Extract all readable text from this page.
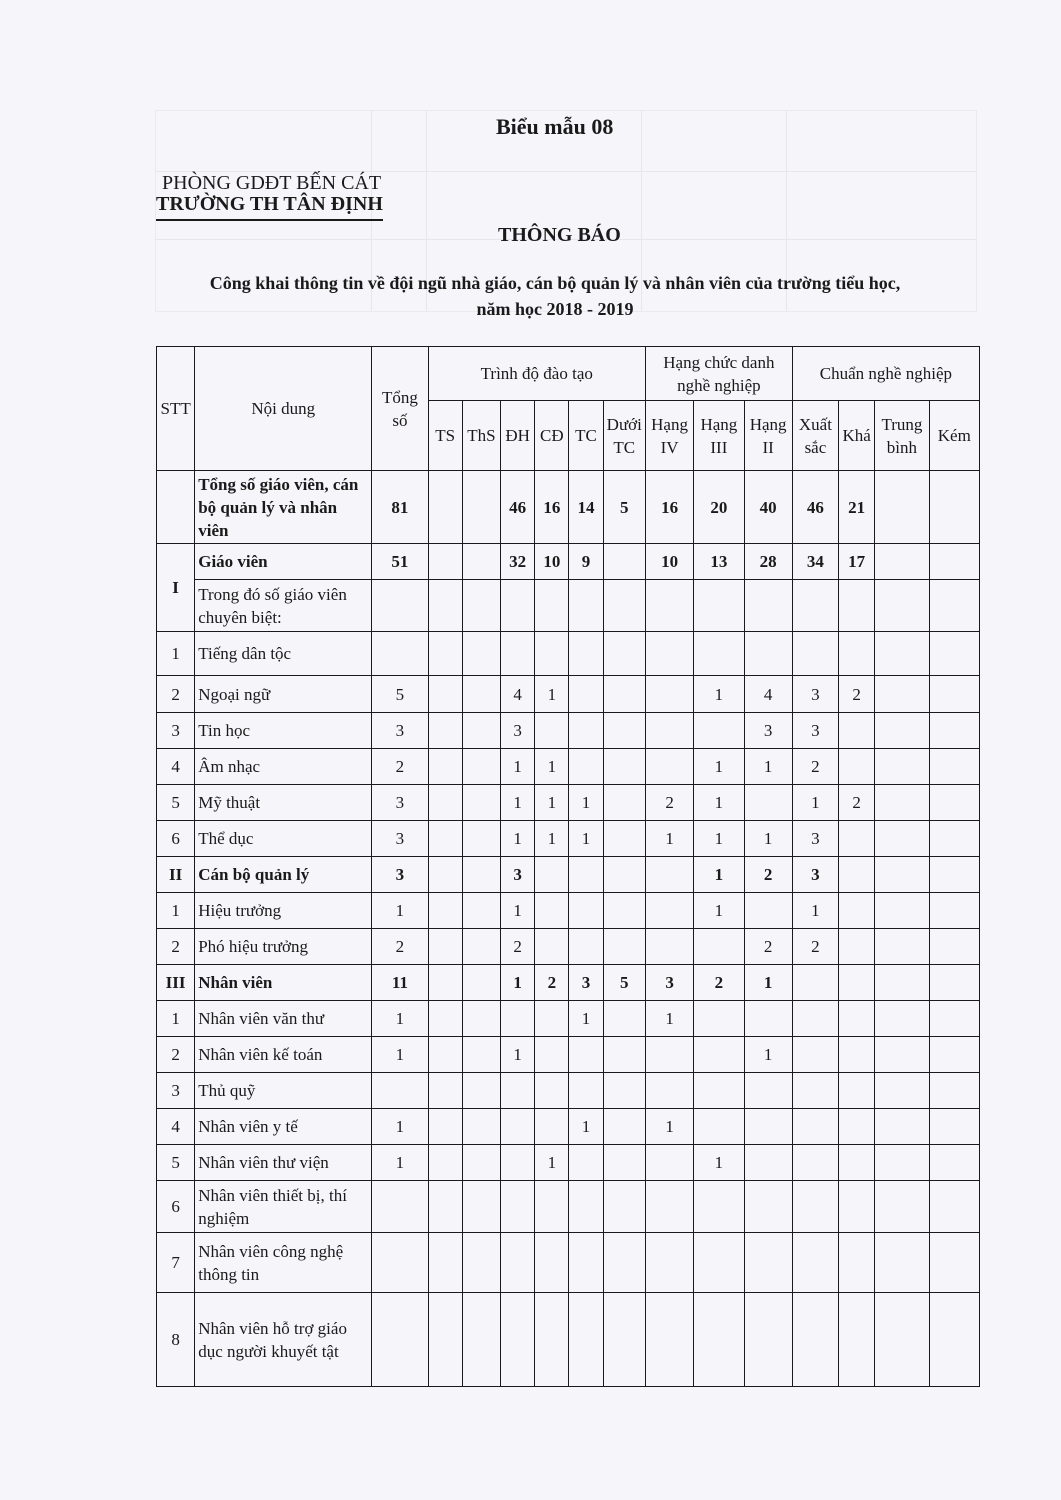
Biểu mẫu 08
PHÒNG GDĐT BẾN CÁT
TRƯỜNG TH TÂN ĐỊNH
THÔNG BÁO
Công khai thông tin về đội ngũ nhà giáo, cán bộ quản lý và nhân viên của trường tiểu học,
năm học 2018 - 2019
STT	Nội dung	Tổng số	Trình độ đào tạo						Hạng chức danh nghề nghiệp			Chuẩn nghề nghiệp			
			TS	ThS	ĐH	CĐ	TC	Dưới TC	Hạng IV	Hạng III	Hạng II	Xuất sắc	Khá	Trung bình	Kém
	Tổng số giáo viên, cán bộ quản lý và nhân viên	81			46	16	14	5	16	20	40	46	21		
I	Giáo viên	51			32	10	9		10	13	28	34	17		
	Trong đó số giáo viên chuyên biệt:														
1	Tiếng dân tộc														
2	Ngoại ngữ	5			4	1				1	4	3	2		
3	Tin học	3			3						3	3			
4	Âm nhạc	2			1	1				1	1	2			
5	Mỹ thuật	3			1	1	1		2	1		1	2		
6	Thể dục	3			1	1	1		1	1	1	3			
II	Cán bộ quản lý	3			3					1	2	3			
1	Hiệu trưởng	1			1					1		1			
2	Phó hiệu trưởng	2			2						2	2			
III	Nhân viên	11			1	2	3	5	3	2	1				
1	Nhân viên văn thư	1					1		1						
2	Nhân viên kế toán	1			1						1				
3	Thủ quỹ														
4	Nhân viên y tế	1					1		1						
5	Nhân viên thư viện	1				1				1					
6	Nhân viên thiết bị, thí nghiệm														
7	Nhân viên công nghệ thông tin														
8	Nhân viên hỗ trợ giáo dục người khuyết tật														
